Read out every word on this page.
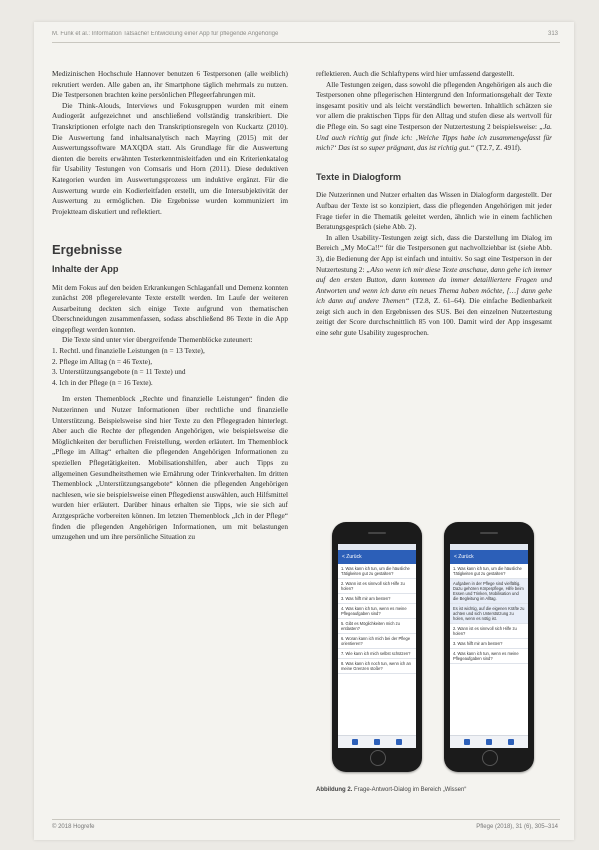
M. Funk et al.: Information Tatsache! Entwicklung einer App für pflegende Angehörige	313

Medizinischen Hochschule Hannover benutzen 6 Testpersonen (alle weiblich) rekrutiert werden. Alle gaben an, ihr Smartphone täglich mehrmals zu nutzen. Die Testpersonen brachten keine persönlichen Pflegeerfahrungen mit.

Die Think-Alouds, Interviews und Fokusgruppen wurden mit einem Audiogerät aufgezeichnet und anschließend vollständig transkribiert. Die Transkriptionen erfolgte nach den Transkriptionsregeln von Kuckartz (2010). Die Auswertung fand inhaltsanalytisch nach Mayring (2015) mit der Auswertungssoftware MAXQDA statt. Als Grundlage für die Auswertung dienten die bereits erwähnten Testerkenntnisleitfaden und ein Kriterienkatalog für Usability Testungen von Comsaris und Horn (2011). Diese deduktiven Kategorien wurden im Auswertungsprozess um induktive ergänzt. Für die Auswertung wurde ein Kodierleitfaden erstellt, um die Intersubjektivität der Auswertung zu ermöglichen. Die Ergebnisse wurden kommuniziert im Projektteam diskutiert und reflektiert.

Ergebnisse
Inhalte der App

Mit dem Fokus auf den beiden Erkrankungen Schlaganfall und Demenz konnten zunächst 208 pflegerelevante Texte erstellt werden. Im Laufe der weiteren Ausarbeitung deckten sich einige Texte aufgrund von thematischen Überschneidungen zusammenfassen, sodass abschließend 86 Texte in die App eingepflegt werden konnten.

Die Texte sind unter vier übergreifende Themenblöcke zuteunert:

1. Rechtl. und finanzielle Leistungen (n = 13 Texte),
2. Pflege im Alltag (n = 46 Texte),
3. Unterstützungsangebote (n = 11 Texte) und
4. Ich in der Pflege (n = 16 Texte).

Im ersten Themenblock „Rechte und finanzielle Leistungen“ finden die Nutzerinnen und Nutzer Informationen über rechtliche und finanzielle Unterstützung. Beispielsweise sind hier Texte zu den Pflegegraden hinterlegt. Aber auch die Rechte der pflegenden Angehörigen, wie beispielsweise die Möglichkeiten der beruflichen Freistellung, werden erläutert. Im Themenblock „Pflege im Alltag“ erhalten die pflegenden Angehörigen Informationen zu speziellen Pflegetätigkeiten. Mobilisationshilfen, aber auch Tipps zu allgemeinen Gesundheitsthemen wie Ernährung oder Trinkverhalten. Im dritten Themenblock „Unterstützungsangebote“ können die pflegenden Angehörigen nachlesen, wie sie beispielsweise einen Pflegedienst auswählen, auch Hilfsmittel wurden hier erläutert. Darüber hinaus erhalten sie Tipps, wie sie sich auf Arztgespräche vorbereiten können. Im letzten Themenblock „Ich in der Pflege“ finden die pflegenden Angehörigen Informationen, um mit belastungen umzugehen und um ihre persönliche Situation zu

reflektieren. Auch die Schlaftypens wird hier umfassend dargestellt.

Alle Testungen zeigen, dass sowohl die pflegenden Angehörigen als auch die Testpersonen ohne pflegerischen Hintergrund den Informationsgehalt der Texte insgesamt positiv und als leicht verständlich bewerten. Inhaltlich schätzen sie vor allem die praktischen Tipps für den Alltag und stufen diese als wertvoll für die Pflege ein. So sagt eine Testperson der Nutzertestung 2 beispielsweise: „Ja. Und auch richtig gut finde ich: ‚Welche Tipps habe ich zusammengefasst für mich?‘ Das ist so super prägnant, das ist richtig gut.“ (T2.7, Z. 491f).

Texte in Dialogform

Die Nutzerinnen und Nutzer erhalten das Wissen in Dialogform dargestellt. Der Aufbau der Texte ist so konzipiert, dass die pflegenden Angehörigen mit jeder Frage tiefer in die Thematik geleitet werden, ähnlich wie in einem fachlichen Beratungsgespräch (siehe Abb. 2).

In allen Usability-Testungen zeigt sich, dass die Darstellung im Dialog im Bereich „My MoCa!!“ für die Testpersonen gut nachvollziehbar ist (siehe Abb. 3), die Bedienung der App ist einfach und intuitiv. So sagt eine Testperson in der Nutzertestung 2: „Also wenn ich mir diese Texte anschaue, dann gehe ich immer auf den ersten Button, dann kommen da immer detailliertere Fragen und Antworten und wenn ich dann ein neues Thema haben möchte, […] dann gehe ich dann auf andere Themen“ (T2.8, Z. 61–64). Die einfache Bedienbarkeit zeigt sich auch in den Ergebnissen des SUS. Bei den einzelnen Nutzertestung zeitigt der Score durchschnittlich 85 von 100. Damit wird der App insgesamt eine sehr gute Usability zugesprochen.

< Zurück
1. Was kann ich tun, um die häusliche Tätigkeiten gut zu gestalten?
2. Wann ist es sinnvoll sich Hilfe zu holen?
3. Was hilft mir am besten?
4. Was kann ich tun, wenn es meine Pflegeaufgaben sind?
5. Gibt es Möglichkeiten mich zu entlasten?
6. Woran kann ich mich bei der Pflege orientieren?
7. Wie kann ich mich selbst schützen?
8. Was kann ich noch tun, wenn ich an meine Grenzen stoße?
< Zurück
1. Was kann ich tun, um die häusliche Tätigkeiten gut zu gestalten?
Aufgaben in der Pflege sind vielfältig. Dazu gehören Körperpflege, Hilfe beim Essen und Trinken, Mobilisation und die Begleitung im Alltag.
Es ist wichtig, auf die eigenen Kräfte zu achten und sich Unterstützung zu holen, wenn es nötig ist.
2. Wann ist es sinnvoll sich Hilfe zu holen?
3. Was hilft mir am besten?
4. Was kann ich tun, wenn es meine Pflegeaufgaben sind?
Abbildung 2. Frage-Antwort-Dialog im Bereich „Wissen“
© 2018 Hogrefe	Pflege (2018), 31 (6), 305–314
